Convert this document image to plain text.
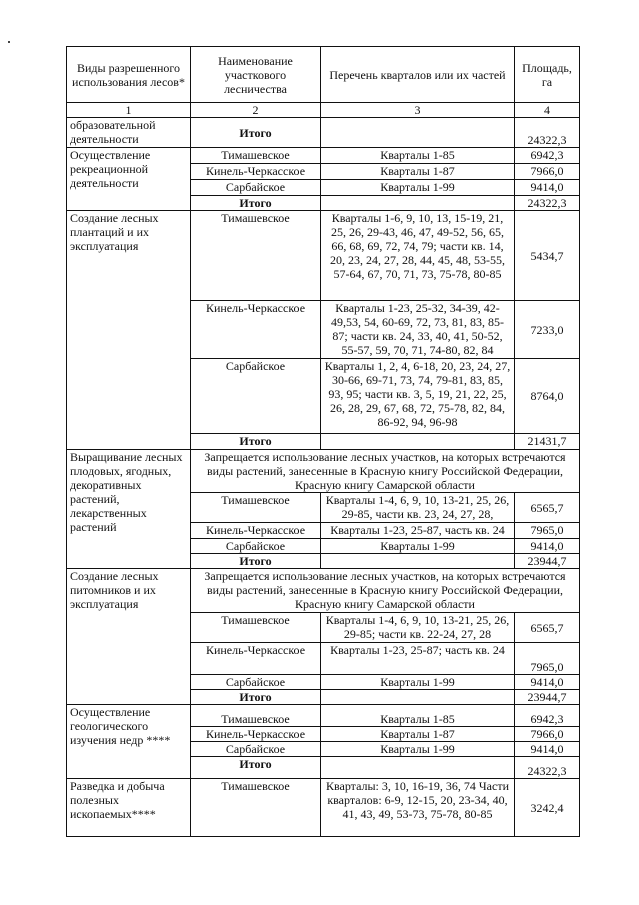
Виды разрешенного использования лесов*	Наименование участкового лесничества	Перечень кварталов или их частей	Площадь, га
1	2	3	4
образовательной деятельности	Итого		24322,3
Осуществление рекреационной деятельности	Тимашевское	Кварталы 1-85	6942,3
	Кинель-Черкасское	Кварталы 1-87	7966,0
	Сарбайское	Кварталы 1-99	9414,0
	Итого		24322,3
Создание лесных плантаций и их эксплуатация	Тимашевское	Кварталы 1-6, 9, 10, 13, 15-19, 21, 25, 26, 29-43, 46, 47, 49-52, 56, 65, 66, 68, 69, 72, 74, 79; части кв. 14, 20, 23, 24, 27, 28, 44, 45, 48, 53-55, 57-64, 67, 70, 71, 73, 75-78, 80-85	5434,7
	Кинель-Черкасское	Кварталы 1-23, 25-32, 34-39, 42-49,53, 54, 60-69, 72, 73, 81, 83, 85-87; части кв. 24, 33, 40, 41, 50-52, 55-57, 59, 70, 71, 74-80, 82, 84	7233,0
	Сарбайское	Кварталы 1, 2, 4, 6-18, 20, 23, 24, 27, 30-66, 69-71, 73, 74, 79-81, 83, 85, 93, 95; части кв. 3, 5, 19, 21, 22, 25, 26, 28, 29, 67, 68, 72, 75-78, 82, 84, 86-92, 94, 96-98	8764,0
	Итого		21431,7
Выращивание лесных плодовых, ягодных, декоративных растений, лекарственных растений	Запрещается использование лесных участков, на которых встречаются виды растений, занесенные в Красную книгу Российской Федерации, Красную книгу Самарской области		
	Тимашевское	Кварталы 1-4, 6, 9, 10, 13-21, 25, 26, 29-85, части кв. 23, 24, 27, 28,	6565,7
	Кинель-Черкасское	Кварталы 1-23, 25-87, часть кв. 24	7965,0
	Сарбайское	Кварталы 1-99	9414,0
	Итого		23944,7
Создание лесных питомников и их эксплуатация	Запрещается использование лесных участков, на которых встречаются виды растений, занесенные в Красную книгу Российской Федерации, Красную книгу Самарской области		
	Тимашевское	Кварталы 1-4, 6, 9, 10, 13-21, 25, 26, 29-85; части кв. 22-24, 27, 28	6565,7
	Кинель-Черкасское	Кварталы 1-23, 25-87; часть кв. 24	7965,0
	Сарбайское	Кварталы 1-99	9414,0
	Итого		23944,7
Осуществление геологического изучения недр ****	Тимашевское	Кварталы 1-85	6942,3
	Кинель-Черкасское	Кварталы 1-87	7966,0
	Сарбайское	Кварталы 1-99	9414,0
	Итого		24322,3
Разведка и добыча полезных ископаемых****	Тимашевское	Кварталы: 3, 10, 16-19, 36, 74 Части кварталов: 6-9, 12-15, 20, 23-34, 40, 41, 43, 49, 53-73, 75-78, 80-85	3242,4
